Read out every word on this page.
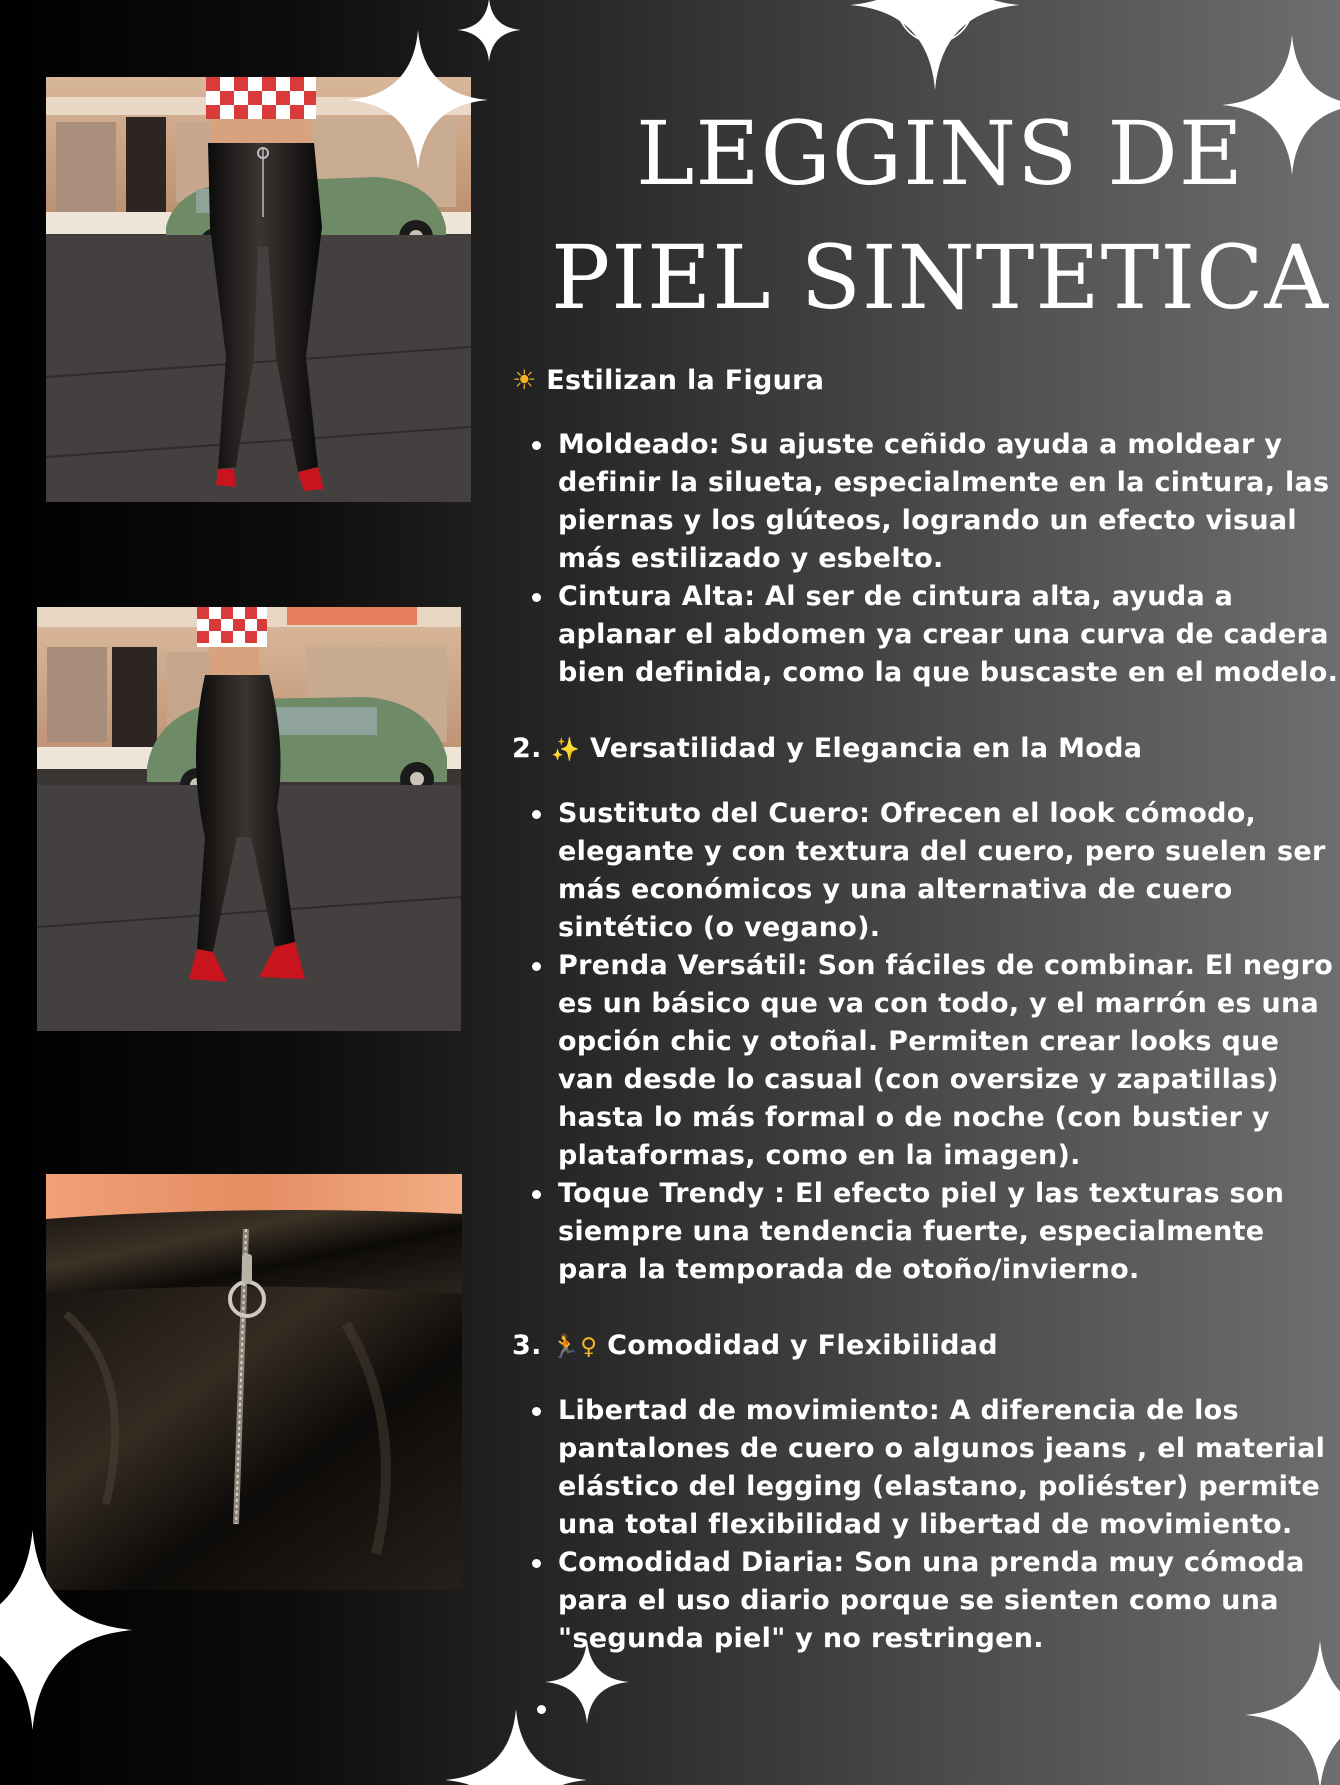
LEGGINS DE
PIEL SINTETICA

☀ Estilizan la Figura

Moldeado: Su ajuste ceñido ayuda a moldear y definir la silueta, especialmente en la cintura, las piernas y los glúteos, logrando un efecto visual más estilizado y esbelto.
Cintura Alta: Al ser de cintura alta, ayuda a aplanar el abdomen ya crear una curva de cadera bien definida, como la que buscaste en el modelo.

2. ✨ Versatilidad y Elegancia en la Moda

Sustituto del Cuero: Ofrecen el look cómodo, elegante y con textura del cuero, pero suelen ser más económicos y una alternativa de cuero sintético (o vegano).
Prenda Versátil: Son fáciles de combinar. El negro es un básico que va con todo, y el marrón es una opción chic y otoñal. Permiten crear looks que van desde lo casual (con oversize y zapatillas) hasta lo más formal o de noche (con bustier y plataformas, como en la imagen).
Toque Trendy : El efecto piel y las texturas son siempre una tendencia fuerte, especialmente para la temporada de otoño/invierno.

3. 🏃♀ Comodidad y Flexibilidad

Libertad de movimiento: A diferencia de los pantalones de cuero o algunos jeans , el material elástico del legging (elastano, poliéster) permite una total flexibilidad y libertad de movimiento.
Comodidad Diaria: Son una prenda muy cómoda para el uso diario porque se sienten como una "segunda piel" y no restringen.
